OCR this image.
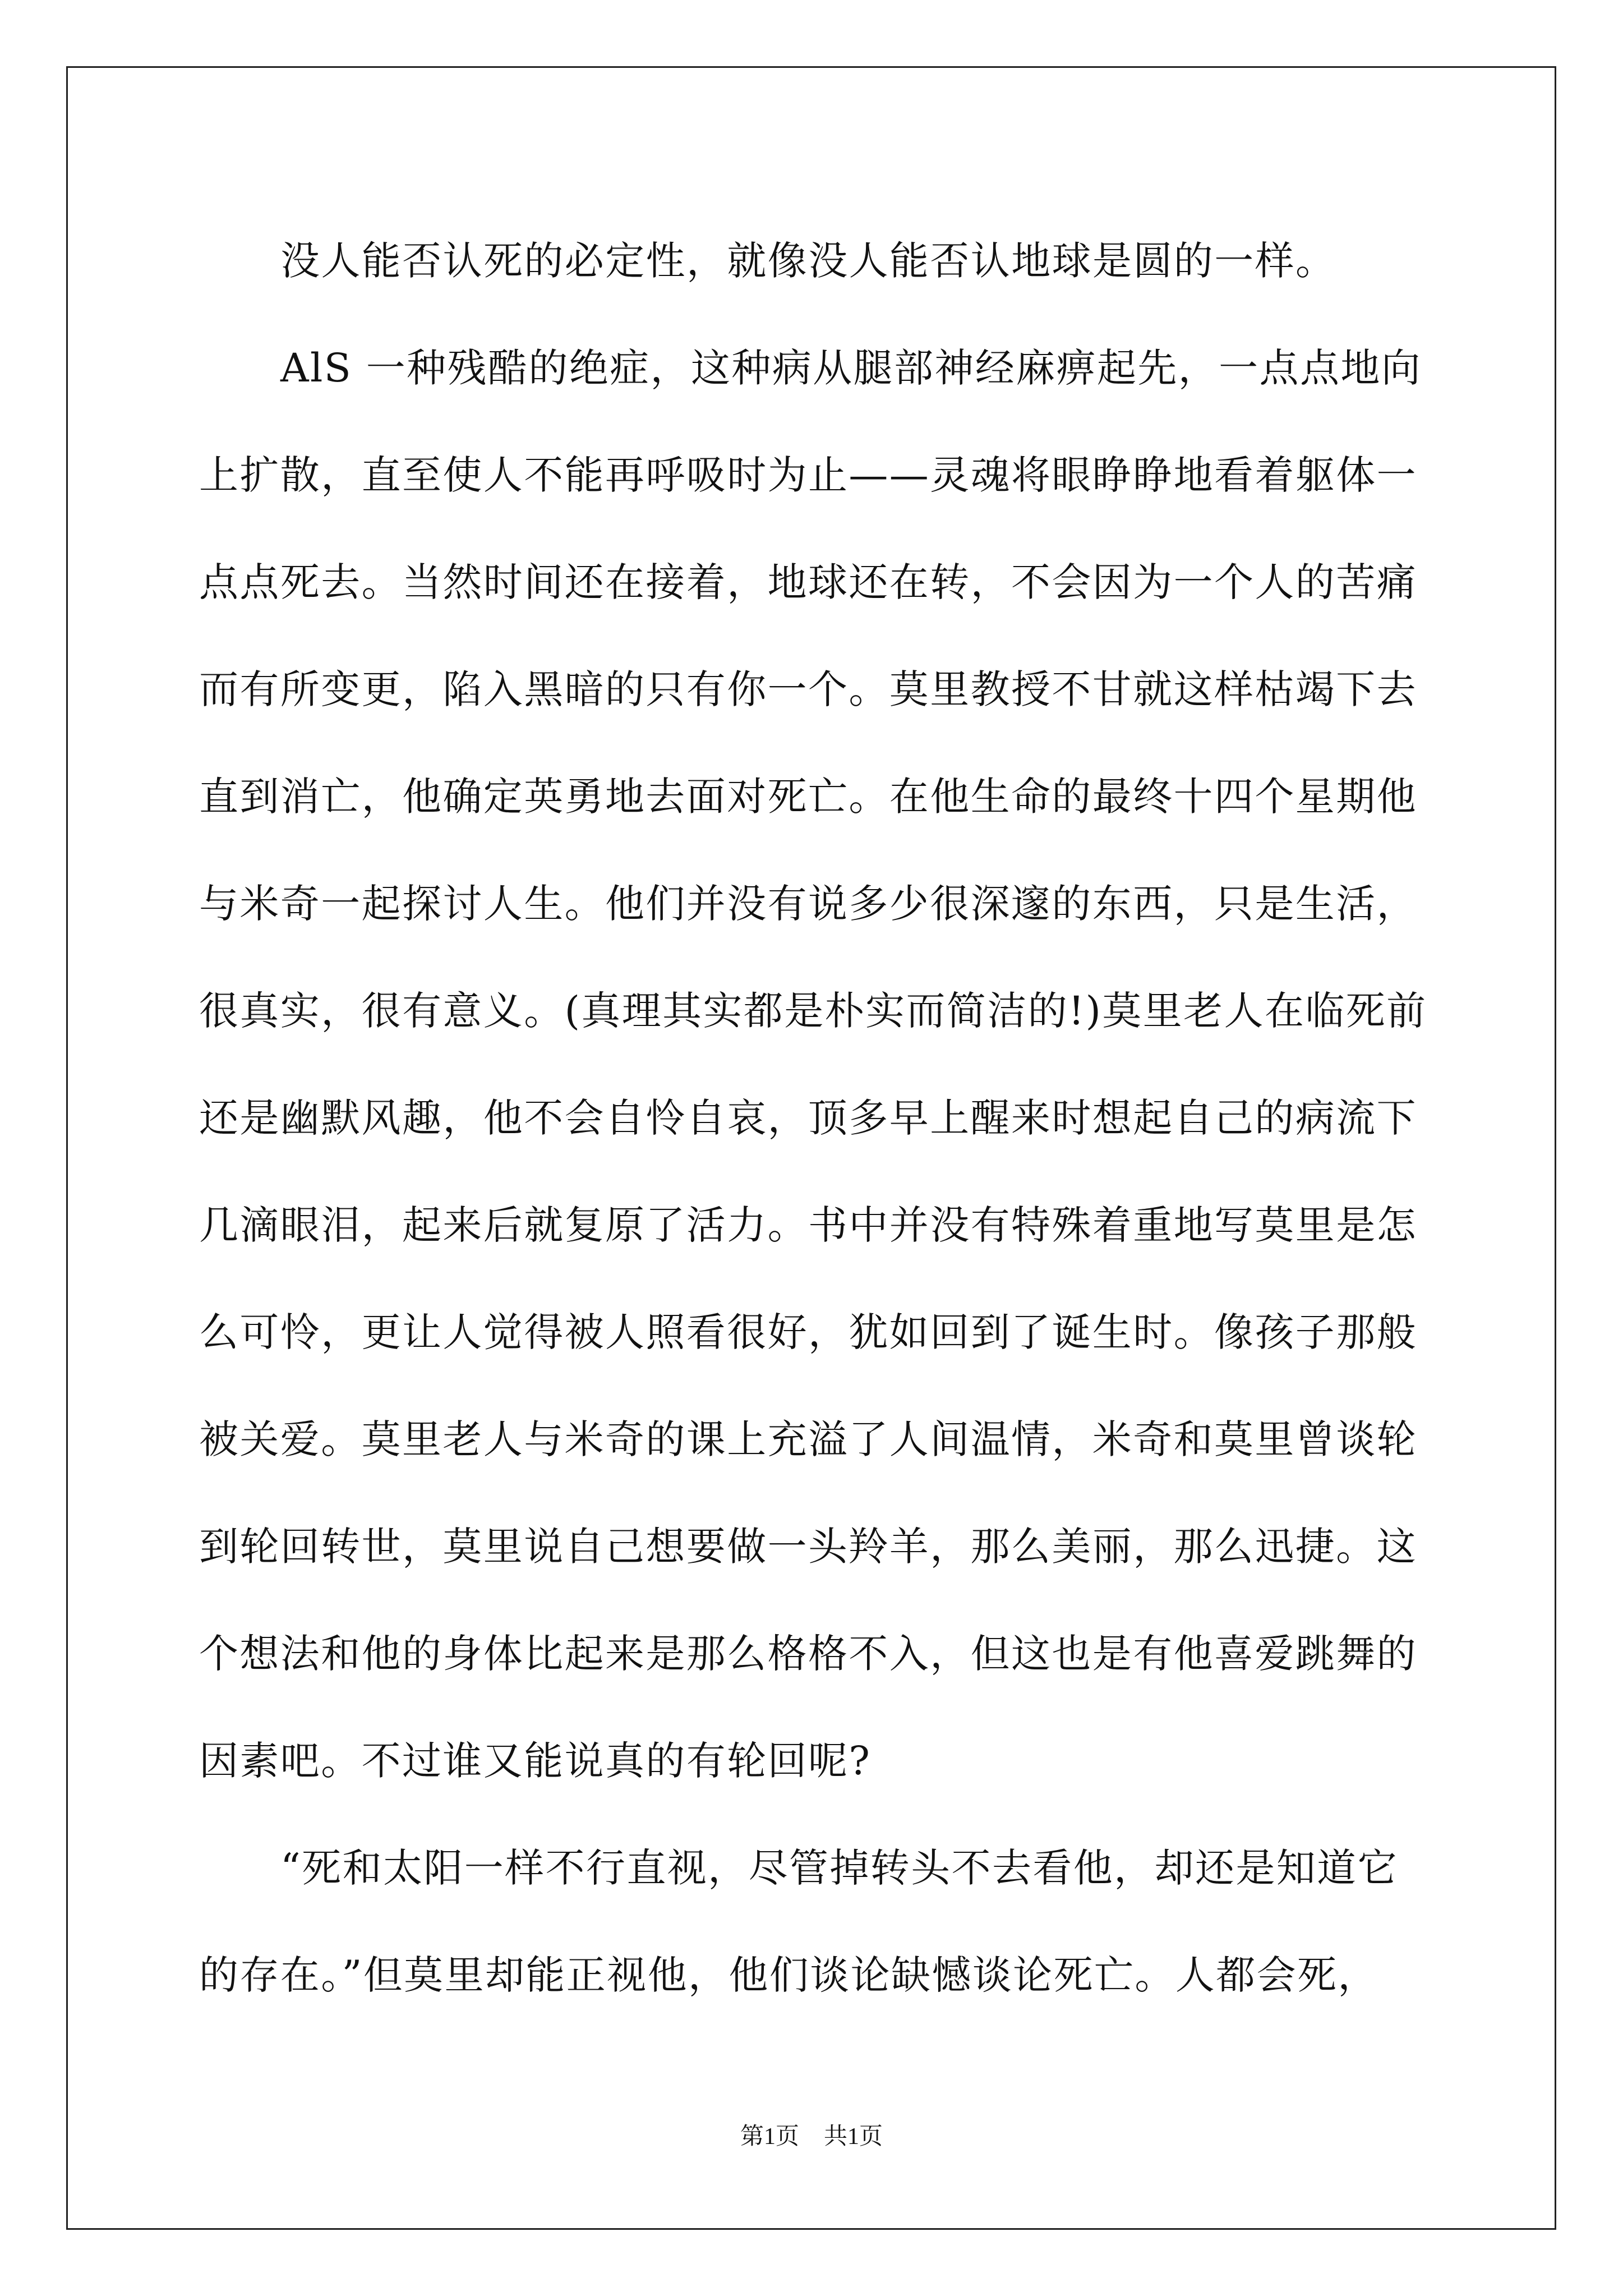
没人能否认死的必定性，就像没人能否认地球是圆的一样。
AlS 一种残酷的绝症，这种病从腿部神经麻痹起先，一点点地向
上扩散，直至使人不能再呼吸时为止——灵魂将眼睁睁地看着躯体一
点点死去。当然时间还在接着，地球还在转，不会因为一个人的苦痛
而有所变更，陷入黑暗的只有你一个。莫里教授不甘就这样枯竭下去
直到消亡，他确定英勇地去面对死亡。在他生命的最终十四个星期他
与米奇一起探讨人生。他们并没有说多少很深邃的东西，只是生活，
很真实，很有意义。(真理其实都是朴实而简洁的!)莫里老人在临死前
还是幽默风趣，他不会自怜自哀，顶多早上醒来时想起自己的病流下
几滴眼泪，起来后就复原了活力。书中并没有特殊着重地写莫里是怎
么可怜，更让人觉得被人照看很好，犹如回到了诞生时。像孩子那般
被关爱。莫里老人与米奇的课上充溢了人间温情，米奇和莫里曾谈轮
到轮回转世，莫里说自己想要做一头羚羊，那么美丽，那么迅捷。这
个想法和他的身体比起来是那么格格不入，但这也是有他喜爱跳舞的
因素吧。不过谁又能说真的有轮回呢?
“死和太阳一样不行直视，尽管掉转头不去看他，却还是知道它
的存在。”但莫里却能正视他，他们谈论缺憾谈论死亡。人都会死，
第1页 共1页
